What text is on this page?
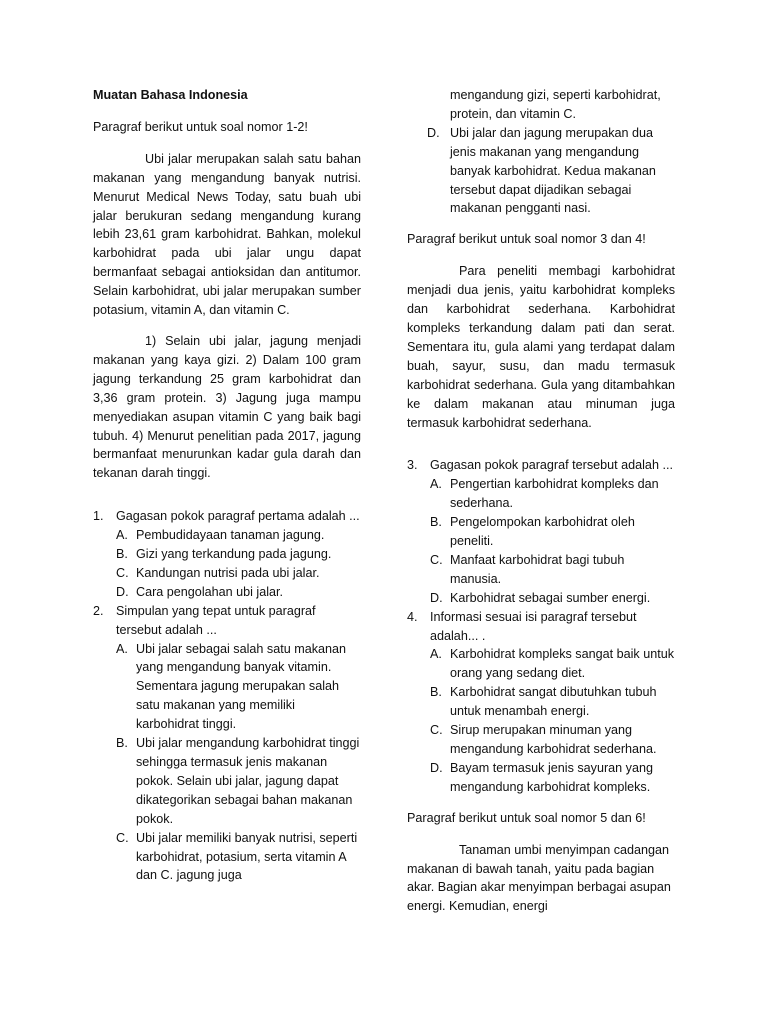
Muatan Bahasa Indonesia

Paragraf berikut untuk soal nomor 1-2!

Ubi jalar merupakan salah satu bahan makanan yang mengandung banyak nutrisi. Menurut Medical News Today, satu buah ubi jalar berukuran sedang mengandung kurang lebih 23,61 gram karbohidrat. Bahkan, molekul karbohidrat pada ubi jalar ungu dapat bermanfaat sebagai antioksidan dan antitumor. Selain karbohidrat, ubi jalar merupakan sumber potasium, vitamin A, dan vitamin C.

1) Selain ubi jalar, jagung menjadi makanan yang kaya gizi. 2) Dalam 100 gram jagung terkandung 25 gram karbohidrat dan 3,36 gram protein. 3) Jagung juga mampu menyediakan asupan vitamin C yang baik bagi tubuh. 4) Menurut penelitian pada 2017, jagung bermanfaat menurunkan kadar gula darah dan tekanan darah tinggi.

1. Gagasan pokok paragraf pertama adalah ...

A. Pembudidayaan tanaman jagung.

B. Gizi yang terkandung pada jagung.

C. Kandungan nutrisi pada ubi jalar.

D. Cara pengolahan ubi jalar.

2. Simpulan yang tepat untuk paragraf tersebut adalah ...

A. Ubi jalar sebagai salah satu makanan yang mengandung banyak vitamin. Sementara jagung merupakan salah satu makanan yang memiliki karbohidrat tinggi.

B. Ubi jalar mengandung karbohidrat tinggi sehingga termasuk jenis makanan pokok. Selain ubi jalar, jagung dapat dikategorikan sebagai bahan makanan pokok.

C. Ubi jalar memiliki banyak nutrisi, seperti karbohidrat, potasium, serta vitamin A dan C. jagung juga

mengandung gizi, seperti karbohidrat, protein, dan vitamin C.

D. Ubi jalar dan jagung merupakan dua jenis makanan yang mengandung banyak karbohidrat. Kedua makanan tersebut dapat dijadikan sebagai makanan pengganti nasi.

Paragraf berikut untuk soal nomor 3 dan 4!

Para peneliti membagi karbohidrat menjadi dua jenis, yaitu karbohidrat kompleks dan karbohidrat sederhana. Karbohidrat kompleks terkandung dalam pati dan serat. Sementara itu, gula alami yang terdapat dalam buah, sayur, susu, dan madu termasuk karbohidrat sederhana. Gula yang ditambahkan ke dalam makanan atau minuman juga termasuk karbohidrat sederhana.

3. Gagasan pokok paragraf tersebut adalah ...

A. Pengertian karbohidrat kompleks dan sederhana.

B. Pengelompokan karbohidrat oleh peneliti.

C. Manfaat karbohidrat bagi tubuh manusia.

D. Karbohidrat sebagai sumber energi.

4. Informasi sesuai isi paragraf tersebut adalah... .

A. Karbohidrat kompleks sangat baik untuk orang yang sedang diet.

B. Karbohidrat sangat dibutuhkan tubuh untuk menambah energi.

C. Sirup merupakan minuman yang mengandung karbohidrat sederhana.

D. Bayam termasuk jenis sayuran yang mengandung karbohidrat kompleks.

Paragraf berikut untuk soal nomor 5 dan 6!

Tanaman umbi menyimpan cadangan makanan di bawah tanah, yaitu pada bagian akar. Bagian akar menyimpan berbagai asupan energi. Kemudian, energi
